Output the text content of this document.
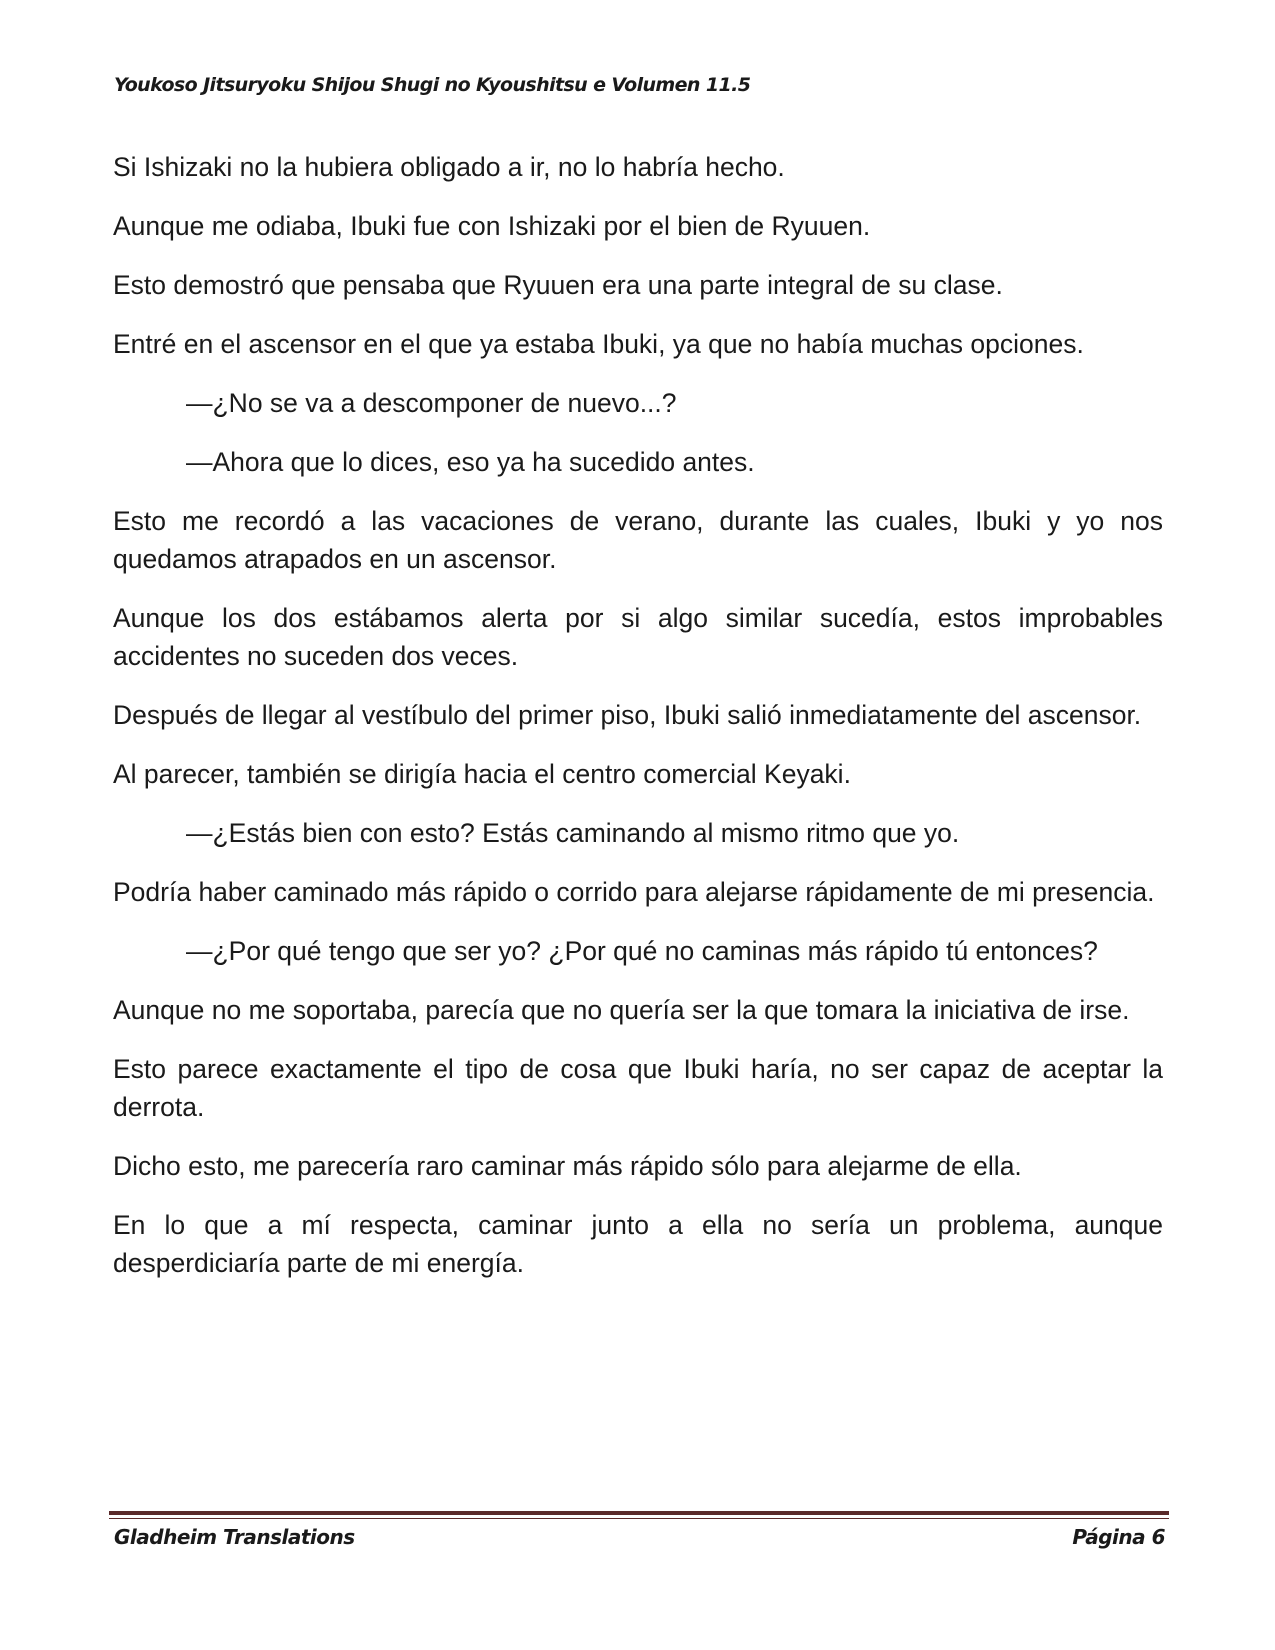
Youkoso Jitsuryoku Shijou Shugi no Kyoushitsu e Volumen 11.5

Si Ishizaki no la hubiera obligado a ir, no lo habría hecho.

Aunque me odiaba, Ibuki fue con Ishizaki por el bien de Ryuuen.

Esto demostró que pensaba que Ryuuen era una parte integral de su clase.

Entré en el ascensor en el que ya estaba Ibuki, ya que no había muchas opciones.

—¿No se va a descomponer de nuevo...?

—Ahora que lo dices, eso ya ha sucedido antes.

Esto me recordó a las vacaciones de verano, durante las cuales, Ibuki y yo nos quedamos atrapados en un ascensor.

Aunque los dos estábamos alerta por si algo similar sucedía, estos improbables accidentes no suceden dos veces.

Después de llegar al vestíbulo del primer piso, Ibuki salió inmediatamente del ascensor.

Al parecer, también se dirigía hacia el centro comercial Keyaki.

—¿Estás bien con esto? Estás caminando al mismo ritmo que yo.

Podría haber caminado más rápido o corrido para alejarse rápidamente de mi presencia.

—¿Por qué tengo que ser yo? ¿Por qué no caminas más rápido tú entonces?

Aunque no me soportaba, parecía que no quería ser la que tomara la iniciativa de irse.

Esto parece exactamente el tipo de cosa que Ibuki haría, no ser capaz de aceptar la derrota.

Dicho esto, me parecería raro caminar más rápido sólo para alejarme de ella.

En lo que a mí respecta, caminar junto a ella no sería un problema, aunque desperdiciaría parte de mi energía.

Gladheim Translations	Página 6
